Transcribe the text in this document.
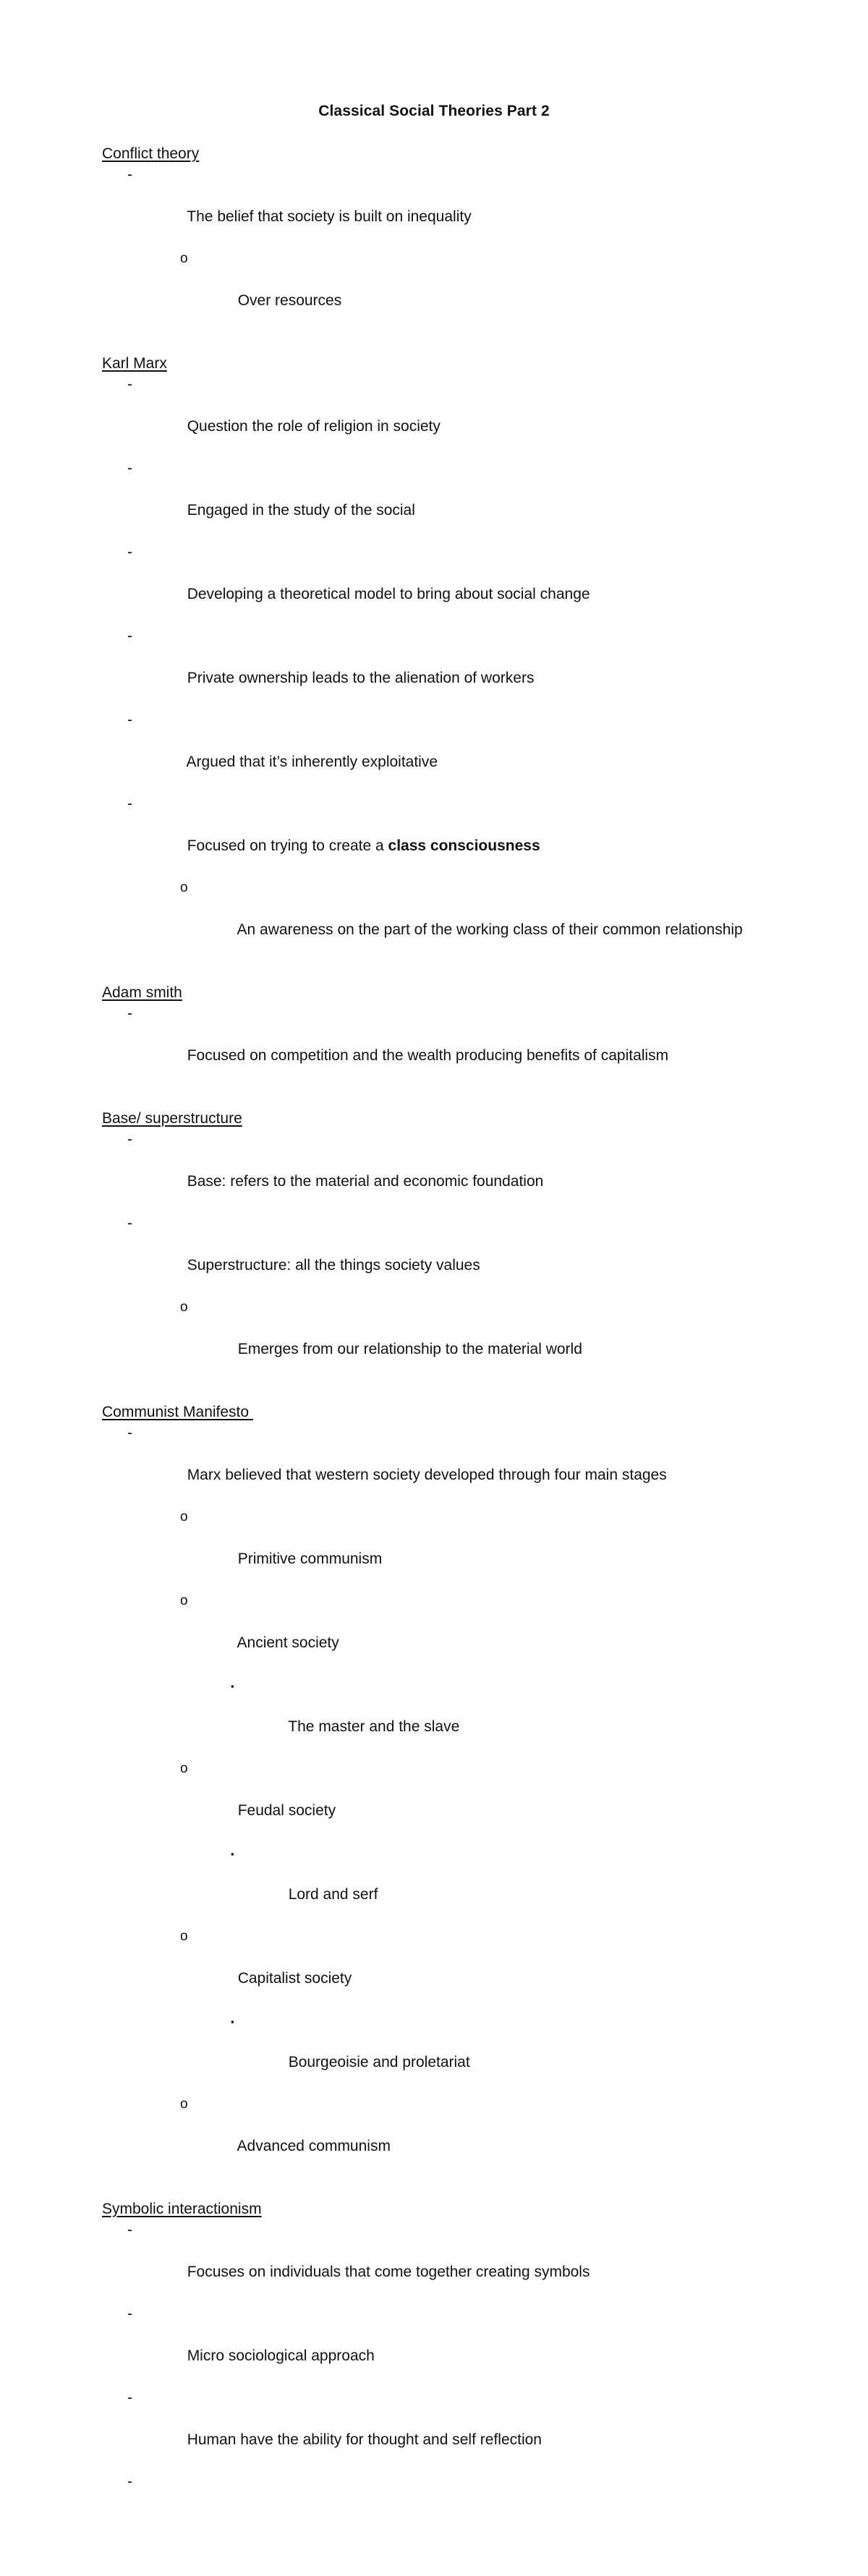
Classical Social Theories Part 2
Conflict theory

-

The belief that society is built on inequality

o

Over resources

Karl Marx

-

Question the role of religion in society

-

Engaged in the study of the social

-

Developing a theoretical model to bring about social change

-

Private ownership leads to the alienation of workers

-

Argued that it’s inherently exploitative

-

Focused on trying to create a class consciousness

o

An awareness on the part of the working class of their common relationship

Adam smith

-

Focused on competition and the wealth producing benefits of capitalism

Base/ superstructure

-

Base: refers to the material and economic foundation

-

Superstructure: all the things society values

o

Emerges from our relationship to the material world

Communist Manifesto

-

Marx believed that western society developed through four main stages

o

Primitive communism

o

Ancient society

▪

The master and the slave

o

Feudal society

▪

Lord and serf

o

Capitalist society

▪

Bourgeoisie and proletariat

o

Advanced communism

Symbolic interactionism

-

Focuses on individuals that come together creating symbols

-

Micro sociological approach

-

Human have the ability for thought and self reflection

-
